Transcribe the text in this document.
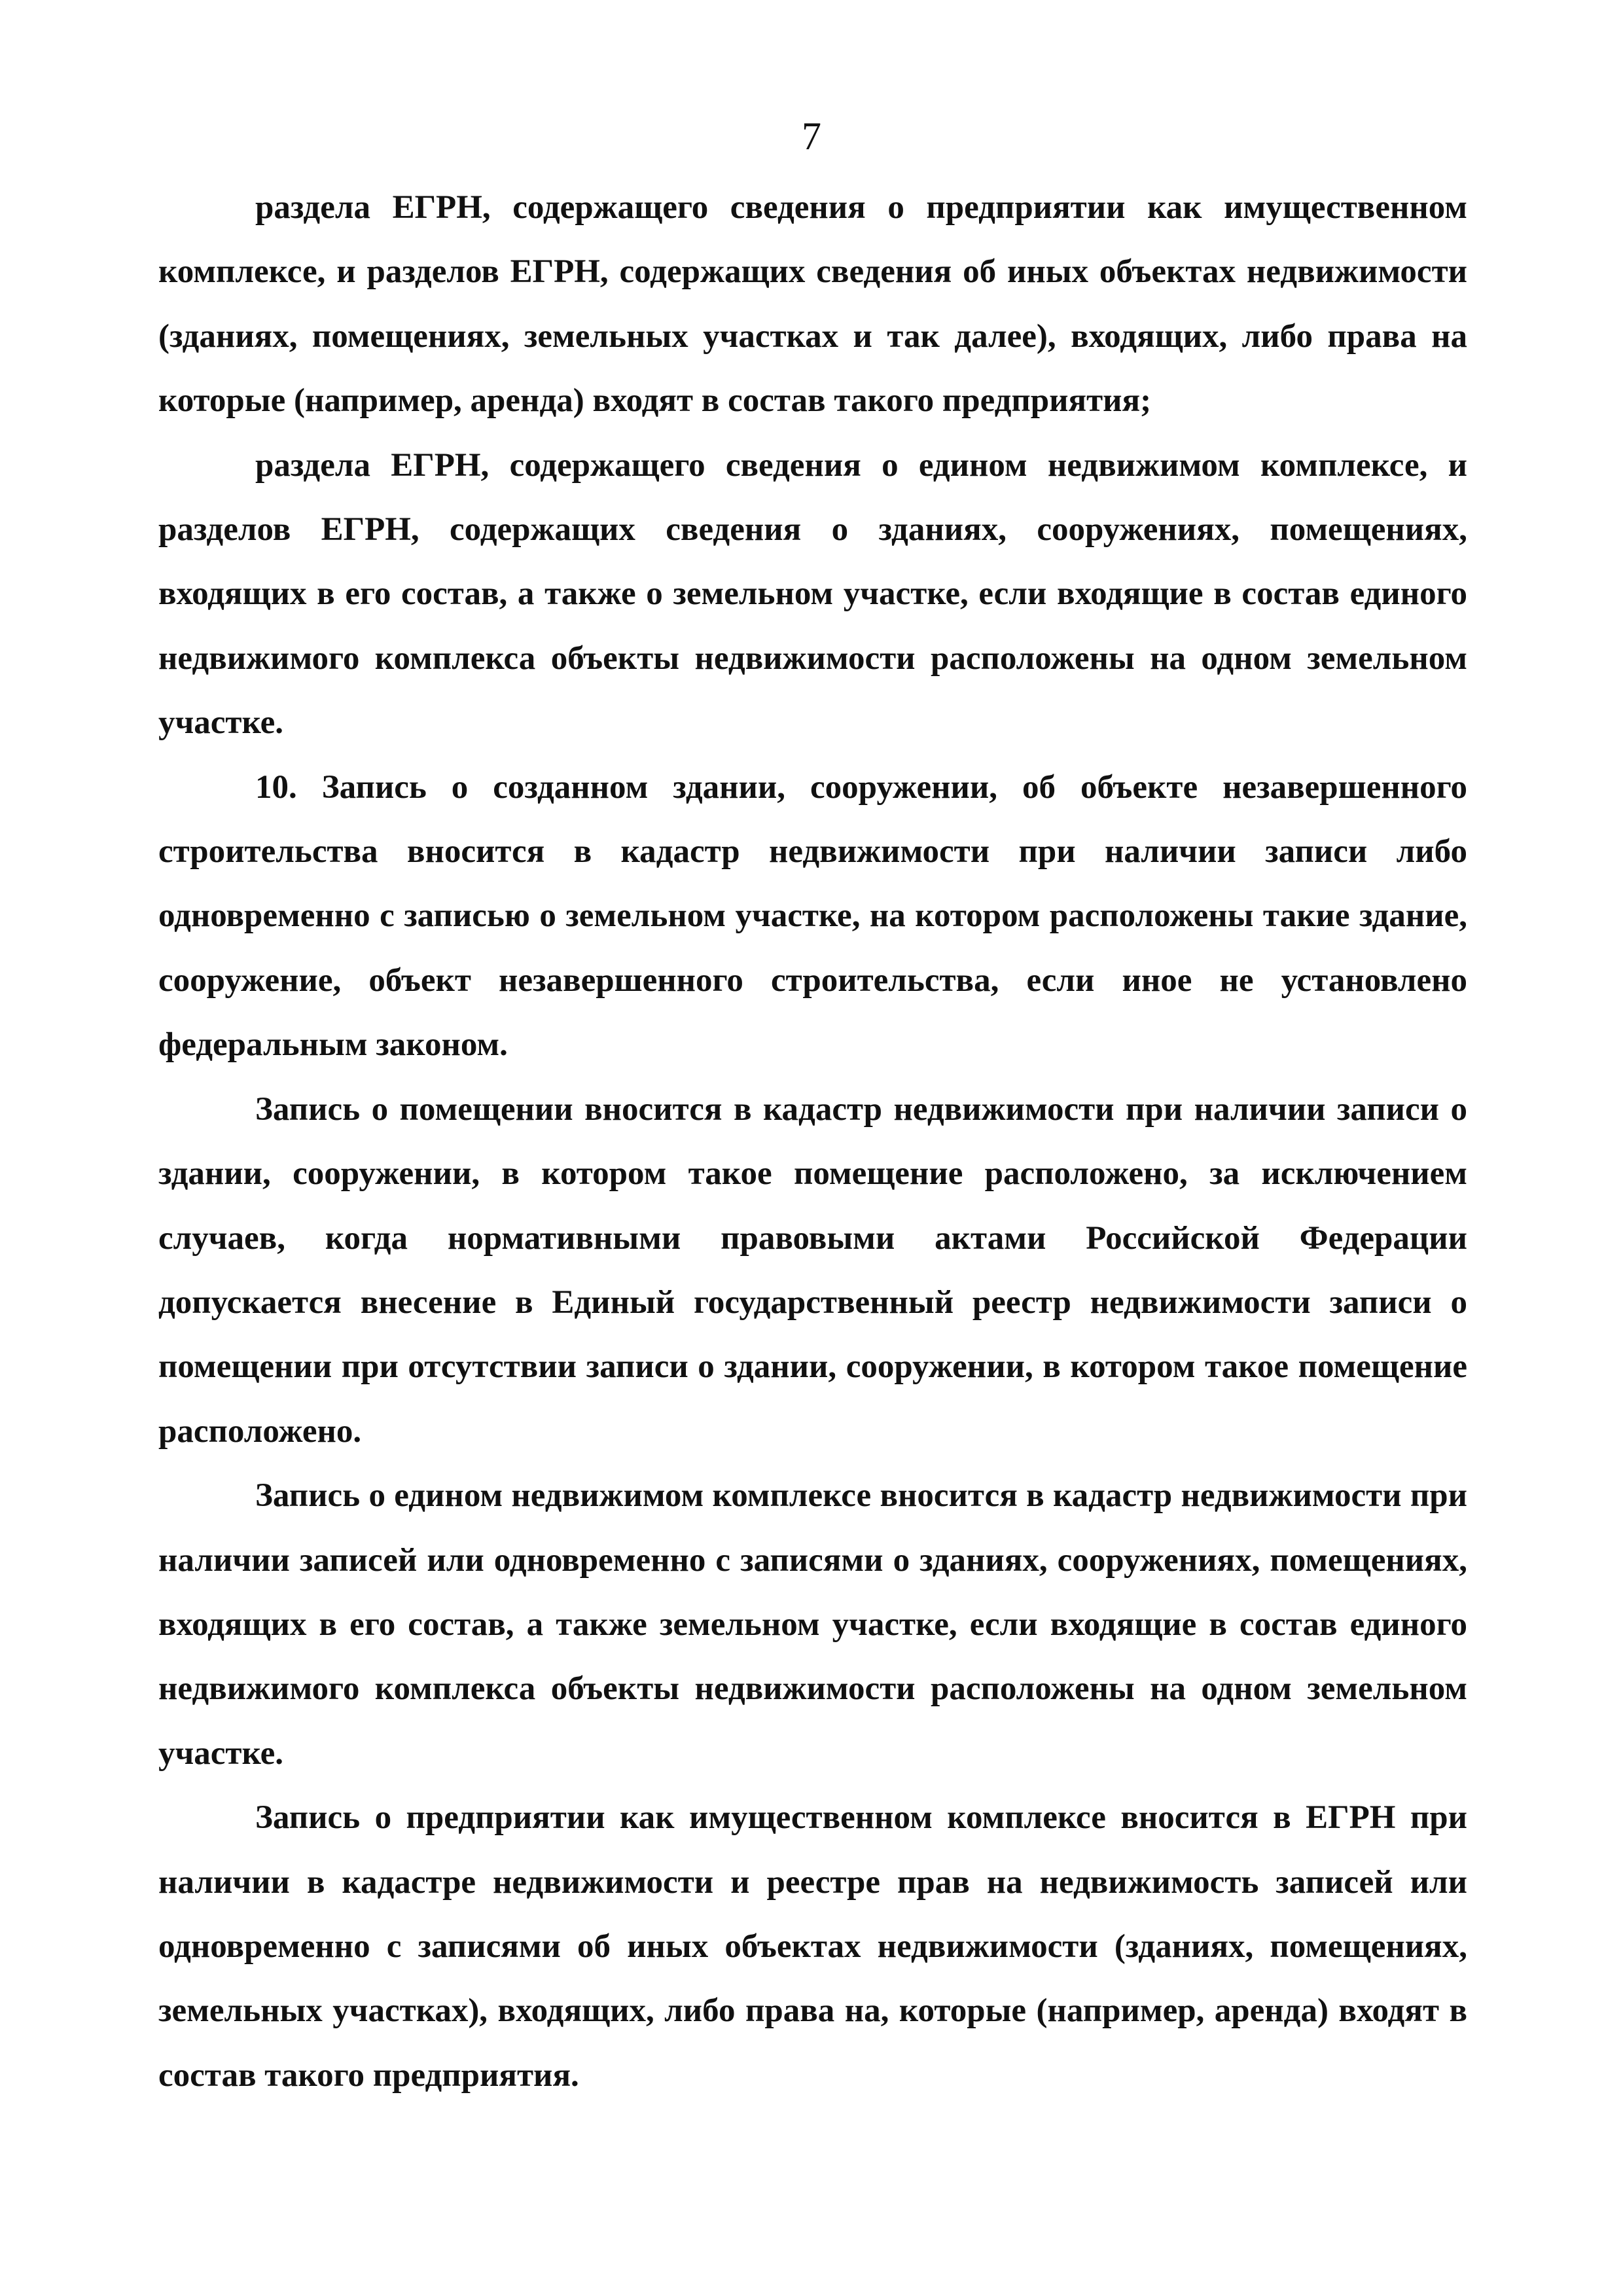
7

раздела ЕГРН, содержащего сведения о предприятии как имущественном комплексе, и разделов ЕГРН, содержащих сведения об иных объектах недвижимости (зданиях, помещениях, земельных участках и так далее), входящих, либо права на которые (например, аренда) входят в состав такого предприятия;

раздела ЕГРН, содержащего сведения о едином недвижимом комплексе, и разделов ЕГРН, содержащих сведения о зданиях, сооружениях, помещениях, входящих в его состав, а также о земельном участке, если входящие в состав единого недвижимого комплекса объекты недвижимости расположены на одном земельном участке.

10. Запись о созданном здании, сооружении, об объекте незавершенного строительства вносится в кадастр недвижимости при наличии записи либо одновременно с записью о земельном участке, на котором расположены такие здание, сооружение, объект незавершенного строительства, если иное не установлено федеральным законом.

Запись о помещении вносится в кадастр недвижимости при наличии записи о здании, сооружении, в котором такое помещение расположено, за исключением случаев, когда нормативными правовыми актами Российской Федерации допускается внесение в Единый государственный реестр недвижимости записи о помещении при отсутствии записи о здании, сооружении, в котором такое помещение расположено.

Запись о едином недвижимом комплексе вносится в кадастр недвижимости при наличии записей или одновременно с записями о зданиях, сооружениях, помещениях, входящих в его состав, а также земельном участке, если входящие в состав единого недвижимого комплекса объекты недвижимости расположены на одном земельном участке.

Запись о предприятии как имущественном комплексе вносится в ЕГРН при наличии в кадастре недвижимости и реестре прав на недвижимость записей или одновременно с записями об иных объектах недвижимости (зданиях, помещениях, земельных участках), входящих, либо права на, которые (например, аренда) входят в состав такого предприятия.
